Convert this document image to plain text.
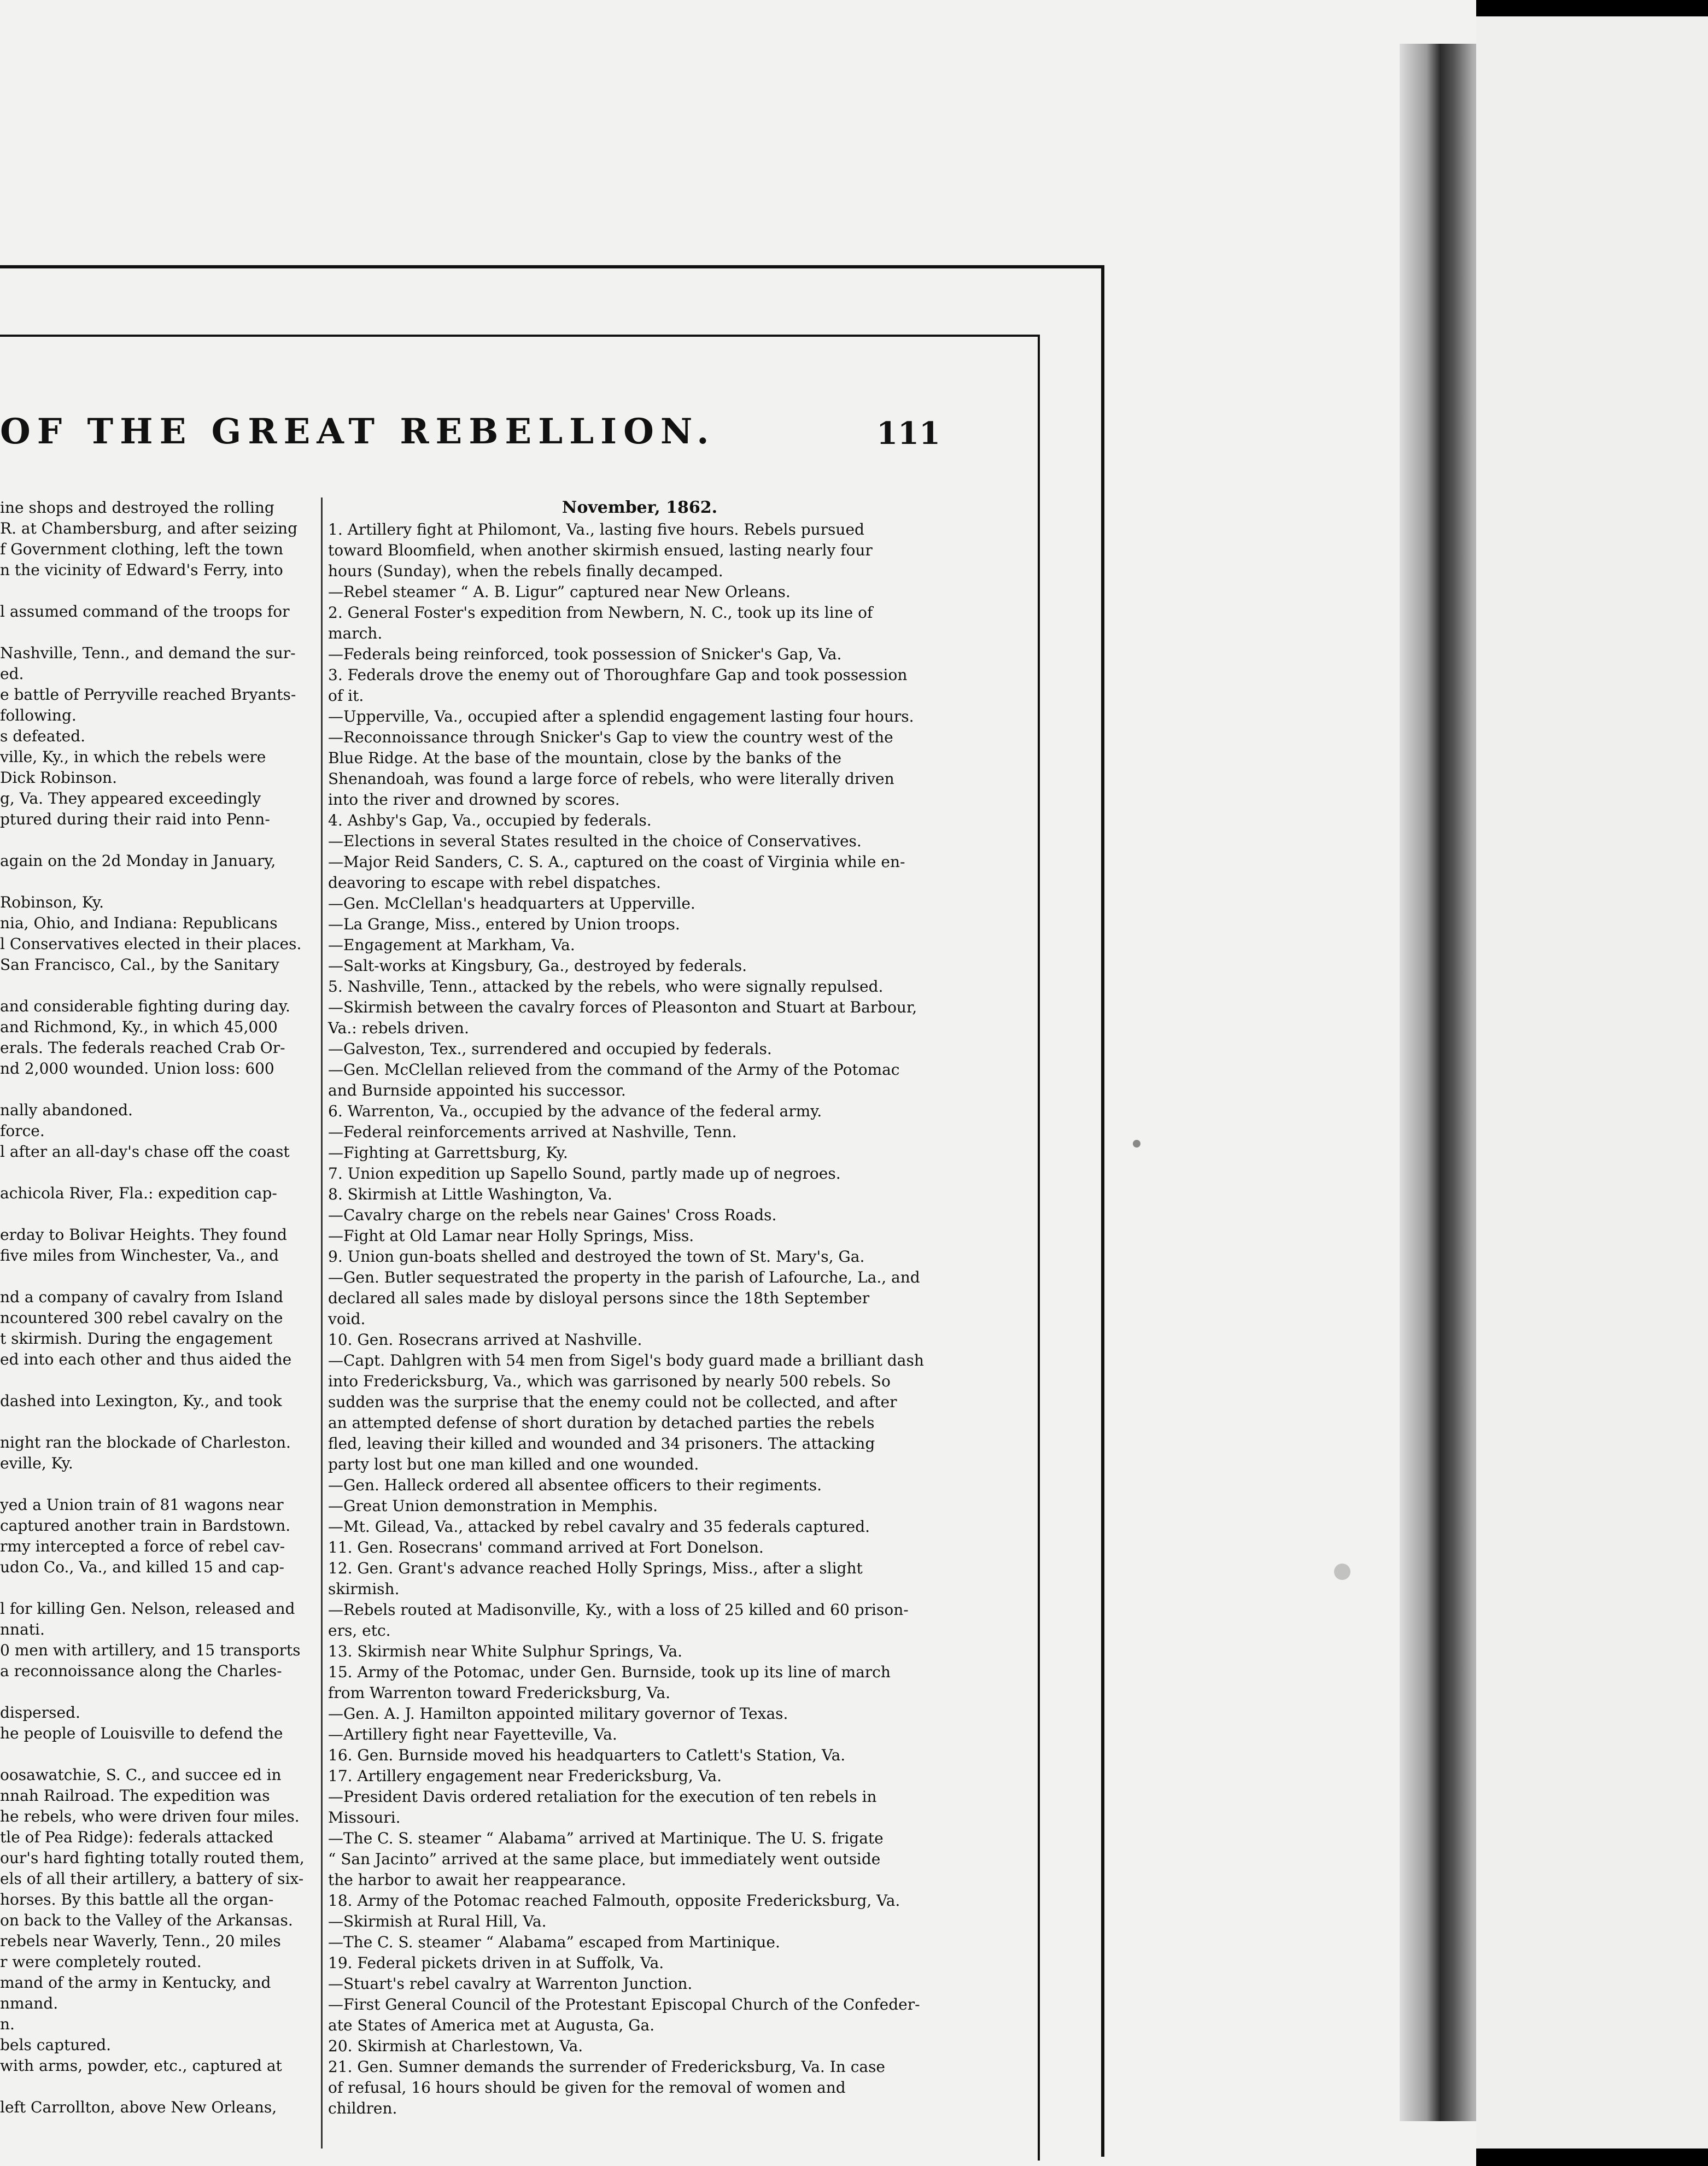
OF THE GREAT REBELLION.	111
ine shops and destroyed the rolling
R. at Chambersburg, and after seizing
f Government clothing, left the town
n the vicinity of Edward's Ferry, into

l assumed command of the troops for

Nashville, Tenn., and demand the sur-
ed.
e battle of Perryville reached Bryants-
following.
s defeated.
ville, Ky., in which the rebels were
Dick Robinson.
g, Va. They appeared exceedingly
ptured during their raid into Penn-

again on the 2d Monday in January,

Robinson, Ky.
nia, Ohio, and Indiana: Republicans
l Conservatives elected in their places.
San Francisco, Cal., by the Sanitary

and considerable fighting during day.
and Richmond, Ky., in which 45,000
erals. The federals reached Crab Or-
nd 2,000 wounded. Union loss: 600

nally abandoned.
force.
l after an all-day's chase off the coast

achicola River, Fla.: expedition cap-

erday to Bolivar Heights. They found
five miles from Winchester, Va., and

nd a company of cavalry from Island
ncountered 300 rebel cavalry on the
t skirmish. During the engagement
ed into each other and thus aided the

dashed into Lexington, Ky., and took

night ran the blockade of Charleston.
eville, Ky.

yed a Union train of 81 wagons near
captured another train in Bardstown.
rmy intercepted a force of rebel cav-
udon Co., Va., and killed 15 and cap-

l for killing Gen. Nelson, released and
nnati.
0 men with artillery, and 15 transports
a reconnoissance along the Charles-

dispersed.
he people of Louisville to defend the

oosawatchie, S. C., and succee ed in
nnah Railroad. The expedition was
he rebels, who were driven four miles.
tle of Pea Ridge): federals attacked
our's hard fighting totally routed them,
els of all their artillery, a battery of six-
horses. By this battle all the organ-
on back to the Valley of the Arkansas.
rebels near Waverly, Tenn., 20 miles
r were completely routed.
mand of the army in Kentucky, and
nmand.
n.
bels captured.
with arms, powder, etc., captured at

left Carrollton, above New Orleans,
November, 1862.
1. Artillery fight at Philomont, Va., lasting five hours. Rebels pursued
toward Bloomfield, when another skirmish ensued, lasting nearly four
hours (Sunday), when the rebels finally decamped.
—Rebel steamer “ A. B. Ligur” captured near New Orleans.
2. General Foster's expedition from Newbern, N. C., took up its line of
march.
—Federals being reinforced, took possession of Snicker's Gap, Va.
3. Federals drove the enemy out of Thoroughfare Gap and took possession
of it.
—Upperville, Va., occupied after a splendid engagement lasting four hours.
—Reconnoissance through Snicker's Gap to view the country west of the
Blue Ridge. At the base of the mountain, close by the banks of the
Shenandoah, was found a large force of rebels, who were literally driven
into the river and drowned by scores.
4. Ashby's Gap, Va., occupied by federals.
—Elections in several States resulted in the choice of Conservatives.
—Major Reid Sanders, C. S. A., captured on the coast of Virginia while en-
deavoring to escape with rebel dispatches.
—Gen. McClellan's headquarters at Upperville.
—La Grange, Miss., entered by Union troops.
—Engagement at Markham, Va.
—Salt-works at Kingsbury, Ga., destroyed by federals.
5. Nashville, Tenn., attacked by the rebels, who were signally repulsed.
—Skirmish between the cavalry forces of Pleasonton and Stuart at Barbour,
Va.: rebels driven.
—Galveston, Tex., surrendered and occupied by federals.
—Gen. McClellan relieved from the command of the Army of the Potomac
and Burnside appointed his successor.
6. Warrenton, Va., occupied by the advance of the federal army.
—Federal reinforcements arrived at Nashville, Tenn.
—Fighting at Garrettsburg, Ky.
7. Union expedition up Sapello Sound, partly made up of negroes.
8. Skirmish at Little Washington, Va.
—Cavalry charge on the rebels near Gaines' Cross Roads.
—Fight at Old Lamar near Holly Springs, Miss.
9. Union gun-boats shelled and destroyed the town of St. Mary's, Ga.
—Gen. Butler sequestrated the property in the parish of Lafourche, La., and
declared all sales made by disloyal persons since the 18th September
void.
10. Gen. Rosecrans arrived at Nashville.
—Capt. Dahlgren with 54 men from Sigel's body guard made a brilliant dash
into Fredericksburg, Va., which was garrisoned by nearly 500 rebels. So
sudden was the surprise that the enemy could not be collected, and after
an attempted defense of short duration by detached parties the rebels
fled, leaving their killed and wounded and 34 prisoners. The attacking
party lost but one man killed and one wounded.
—Gen. Halleck ordered all absentee officers to their regiments.
—Great Union demonstration in Memphis.
—Mt. Gilead, Va., attacked by rebel cavalry and 35 federals captured.
11. Gen. Rosecrans' command arrived at Fort Donelson.
12. Gen. Grant's advance reached Holly Springs, Miss., after a slight
skirmish.
—Rebels routed at Madisonville, Ky., with a loss of 25 killed and 60 prison-
ers, etc.
13. Skirmish near White Sulphur Springs, Va.
15. Army of the Potomac, under Gen. Burnside, took up its line of march
from Warrenton toward Fredericksburg, Va.
—Gen. A. J. Hamilton appointed military governor of Texas.
—Artillery fight near Fayetteville, Va.
16. Gen. Burnside moved his headquarters to Catlett's Station, Va.
17. Artillery engagement near Fredericksburg, Va.
—President Davis ordered retaliation for the execution of ten rebels in
Missouri.
—The C. S. steamer “ Alabama” arrived at Martinique. The U. S. frigate
“ San Jacinto” arrived at the same place, but immediately went outside
the harbor to await her reappearance.
18. Army of the Potomac reached Falmouth, opposite Fredericksburg, Va.
—Skirmish at Rural Hill, Va.
—The C. S. steamer “ Alabama” escaped from Martinique.
19. Federal pickets driven in at Suffolk, Va.
—Stuart's rebel cavalry at Warrenton Junction.
—First General Council of the Protestant Episcopal Church of the Confeder-
ate States of America met at Augusta, Ga.
20. Skirmish at Charlestown, Va.
21. Gen. Sumner demands the surrender of Fredericksburg, Va. In case
of refusal, 16 hours should be given for the removal of women and
children.
